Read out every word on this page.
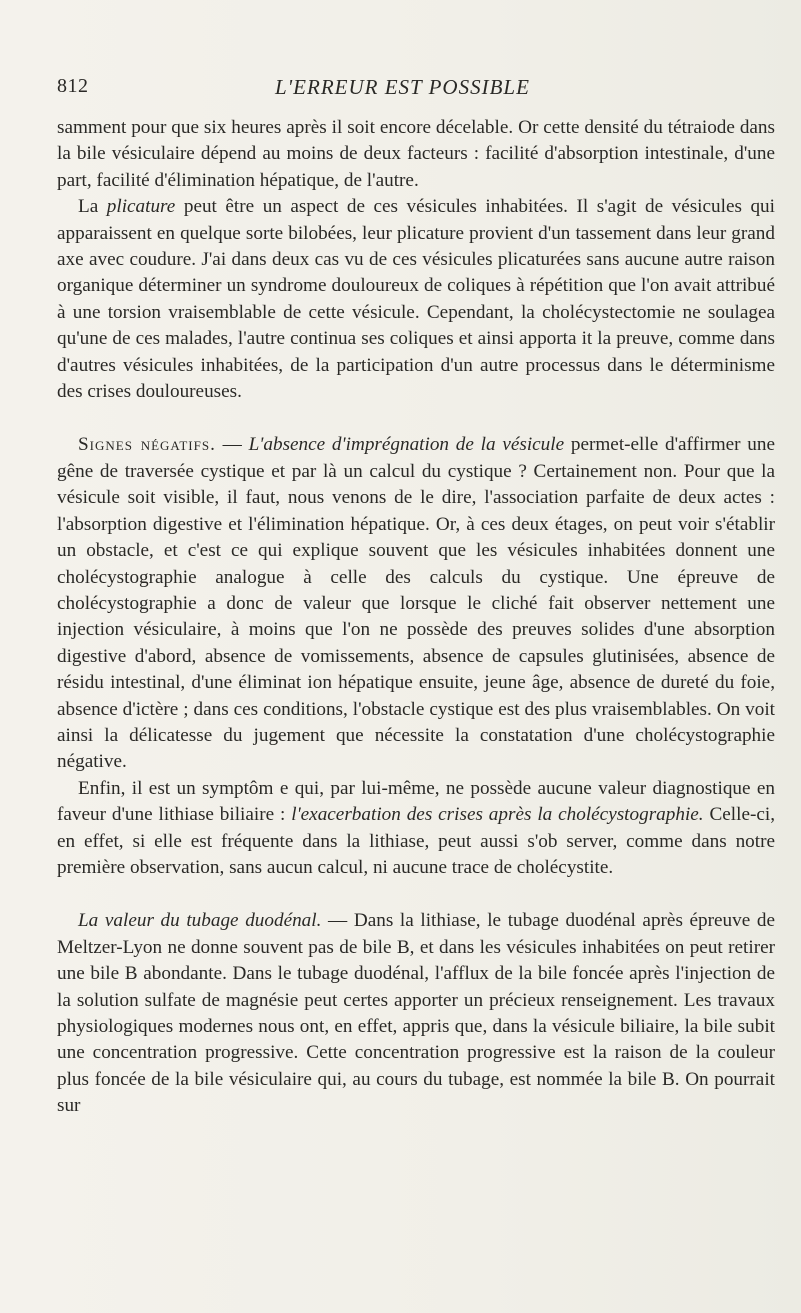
812	L'ERREUR EST POSSIBLE

samment pour que six heures après il soit encore décelable. Or cette densité du tétraiode dans la bile vésiculaire dépend au moins de deux facteurs : facilité d'absorption intestinale, d'une part, facilité d'élimination hépatique, de l'autre.

La plicature peut être un aspect de ces vésicules inhabitées. Il s'agit de vésicules qui apparaissent en quelque sorte bilobées, leur plicature provient d'un tassement dans leur grand axe avec coudure. J'ai dans deux cas vu de ces vésicules plicaturées sans aucune autre raison organique déterminer un syndrome douloureux de coliques à répétition que l'on avait attribué à une torsion vraisemblable de cette vésicule. Cependant, la cholécystectomie ne soulagea qu'une de ces malades, l'autre continua ses coliques et ainsi apporta it la preuve, comme dans d'autres vésicules inhabitées, de la participation d'un autre processus dans le déterminisme des crises douloureuses.

Signes négatifs. — L'absence d'imprégnation de la vésicule permet-elle d'affirmer une gêne de traversée cystique et par là un calcul du cystique ? Certainement non. Pour que la vésicule soit visible, il faut, nous venons de le dire, l'association parfaite de deux actes : l'absorption digestive et l'élimination hépatique. Or, à ces deux étages, on peut voir s'établir un obstacle, et c'est ce qui explique souvent que les vésicules inhabitées donnent une cholécystographie analogue à celle des calculs du cystique. Une épreuve de cholécystographie a donc de valeur que lorsque le cliché fait observer nettement une injection vésiculaire, à moins que l'on ne possède des preuves solides d'une absorption digestive d'abord, absence de vomissements, absence de capsules glutinisées, absence de résidu intestinal, d'une éliminat ion hépatique ensuite, jeune âge, absence de dureté du foie, absence d'ictère ; dans ces conditions, l'obstacle cystique est des plus vraisemblables. On voit ainsi la délicatesse du jugement que nécessite la constatation d'une cholécystographie négative.

Enfin, il est un symptôm e qui, par lui-même, ne possède aucune valeur diagnostique en faveur d'une lithiase biliaire : l'exacerbation des crises après la cholécystographie. Celle-ci, en effet, si elle est fréquente dans la lithiase, peut aussi s'ob server, comme dans notre première observation, sans aucun calcul, ni aucune trace de cholécystite.

La valeur du tubage duodénal. — Dans la lithiase, le tubage duodénal après épreuve de Meltzer-Lyon ne donne souvent pas de bile B, et dans les vésicules inhabitées on peut retirer une bile B abondante. Dans le tubage duodénal, l'afflux de la bile foncée après l'injection de la solution sulfate de magnésie peut certes apporter un précieux renseignement. Les travaux physiologiques modernes nous ont, en effet, appris que, dans la vésicule biliaire, la bile subit une concentration progressive. Cette concentration progressive est la raison de la couleur plus foncée de la bile vésiculaire qui, au cours du tubage, est nommée la bile B. On pourrait sur
